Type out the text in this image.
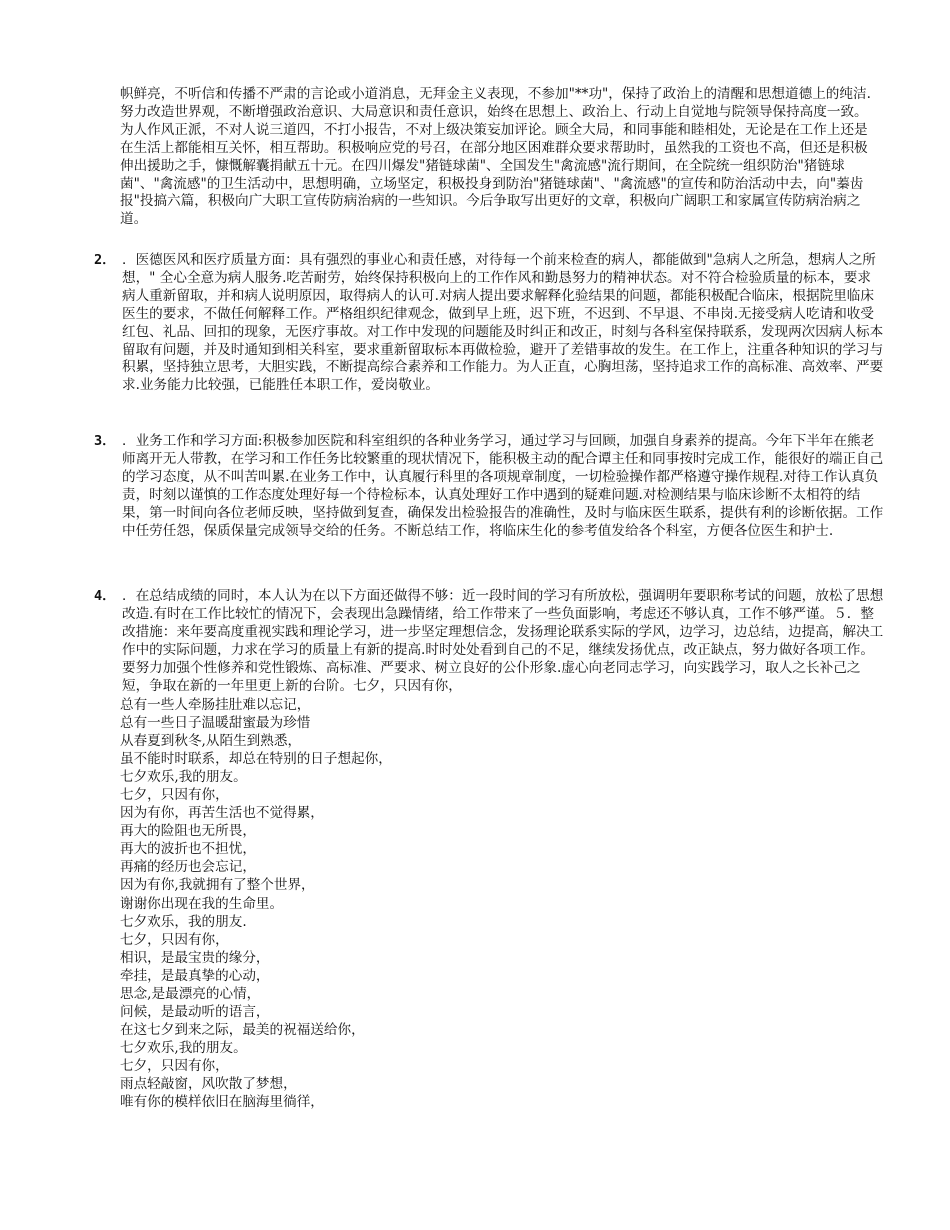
帜鲜亮，不听信和传播不严肃的言论或小道消息，无拜金主义表现，不参加"**功"，保持了政治上的清醒和思想道德上的纯洁.努力改造世界观，不断增强政治意识、大局意识和责任意识，始终在思想上、政治上、行动上自觉地与院领导保持高度一致。为人作风正派，不对人说三道四，不打小报告，不对上级决策妄加评论。顾全大局，和同事能和睦相处，无论是在工作上还是在生活上都能相互关怀，相互帮助。积极响应党的号召，在部分地区困难群众要求帮助时，虽然我的工资也不高，但还是积极伸出援助之手，慷慨解囊捐献五十元。在四川爆发"猪链球菌"、全国发生"禽流感"流行期间，在全院统一组织防治"猪链球菌"、"禽流感"的卫生活动中，思想明确，立场坚定，积极投身到防治"猪链球菌"、"禽流感"的宣传和防治活动中去，向"蓁齿报"投搞六篇，积极向广大职工宣传防病治病的一些知识。今后争取写出更好的文章，积极向广阔职工和家属宣传防病治病之道。
2． ．医德医风和医疗质量方面：具有强烈的事业心和责任感，对待每一个前来检查的病人，都能做到"急病人之所急，想病人之所想，" 全心全意为病人服务.吃苦耐劳，始终保持积极向上的工作作风和勤恳努力的精神状态。对不符合检验质量的标本，要求病人重新留取，并和病人说明原因，取得病人的认可.对病人提出要求解释化验结果的问题，都能积极配合临床，根据院里临床医生的要求，不做任何解释工作。严格组织纪律观念，做到早上班，迟下班，不迟到、不早退、不串岗.无接受病人吃请和收受红包、礼品、回扣的现象，无医疗事故。对工作中发现的问题能及时纠正和改正，时刻与各科室保持联系，发现两次因病人标本留取有问题，并及时通知到相关科室，要求重新留取标本再做检验，避开了差错事故的发生。在工作上，注重各种知识的学习与积累，坚持独立思考，大胆实践，不断提高综合素养和工作能力。为人正直，心胸坦荡，坚持追求工作的高标准、高效率、严要求.业务能力比较强，已能胜任本职工作，爱岗敬业。
3． ．业务工作和学习方面:积极参加医院和科室组织的各种业务学习，通过学习与回顾，加强自身素养的提高。今年下半年在熊老师离开无人带教，在学习和工作任务比较繁重的现状情况下，能积极主动的配合谭主任和同事按时完成工作，能很好的端正自己的学习态度，从不叫苦叫累.在业务工作中，认真履行科里的各项规章制度，一切检验操作都严格遵守操作规程.对待工作认真负责，时刻以谨慎的工作态度处理好每一个待检标本，认真处理好工作中遇到的疑难问题.对检测结果与临床诊断不太相符的结果，第一时间向各位老师反映，坚持做到复查，确保发出检验报告的准确性，及时与临床医生联系，提供有利的诊断依据。工作中任劳任怨，保质保量完成领导交给的任务。不断总结工作，将临床生化的参考值发给各个科室，方便各位医生和护士.
4． ．在总结成绩的同时，本人认为在以下方面还做得不够：近一段时间的学习有所放松，强调明年要职称考试的问题，放松了思想改造.有时在工作比较忙的情况下，会表现出急躁情绪，给工作带来了一些负面影响，考虑还不够认真，工作不够严谨。５．整改措施：来年要高度重视实践和理论学习，进一步坚定理想信念，发扬理论联系实际的学风，边学习，边总结，边提高，解决工作中的实际问题，力求在学习的质量上有新的提高.时时处处看到自己的不足，继续发扬优点，改正缺点，努力做好各项工作。要努力加强个性修养和党性锻炼、高标准、严要求、树立良好的公仆形象.虚心向老同志学习，向实践学习，取人之长补己之短，争取在新的一年里更上新的台阶。七夕，只因有你，
总有一些人牵肠挂肚难以忘记，
总有一些日子温暖甜蜜最为珍惜
从春夏到秋冬,从陌生到熟悉，
虽不能时时联系，却总在特别的日子想起你，
七夕欢乐,我的朋友。
七夕，只因有你，
因为有你，再苦生活也不觉得累，
再大的险阻也无所畏，
再大的波折也不担忧，
再痛的经历也会忘记，
因为有你,我就拥有了整个世界，
谢谢你出现在我的生命里。
七夕欢乐，我的朋友.
七夕，只因有你，
相识，是最宝贵的缘分，
牵挂，是最真挚的心动，
思念,是最漂亮的心情，
问候，是最动听的语言，
在这七夕到来之际，最美的祝福送给你，
七夕欢乐,我的朋友。
七夕，只因有你，
雨点轻敲窗，风吹散了梦想，
唯有你的模样依旧在脑海里徜徉，
